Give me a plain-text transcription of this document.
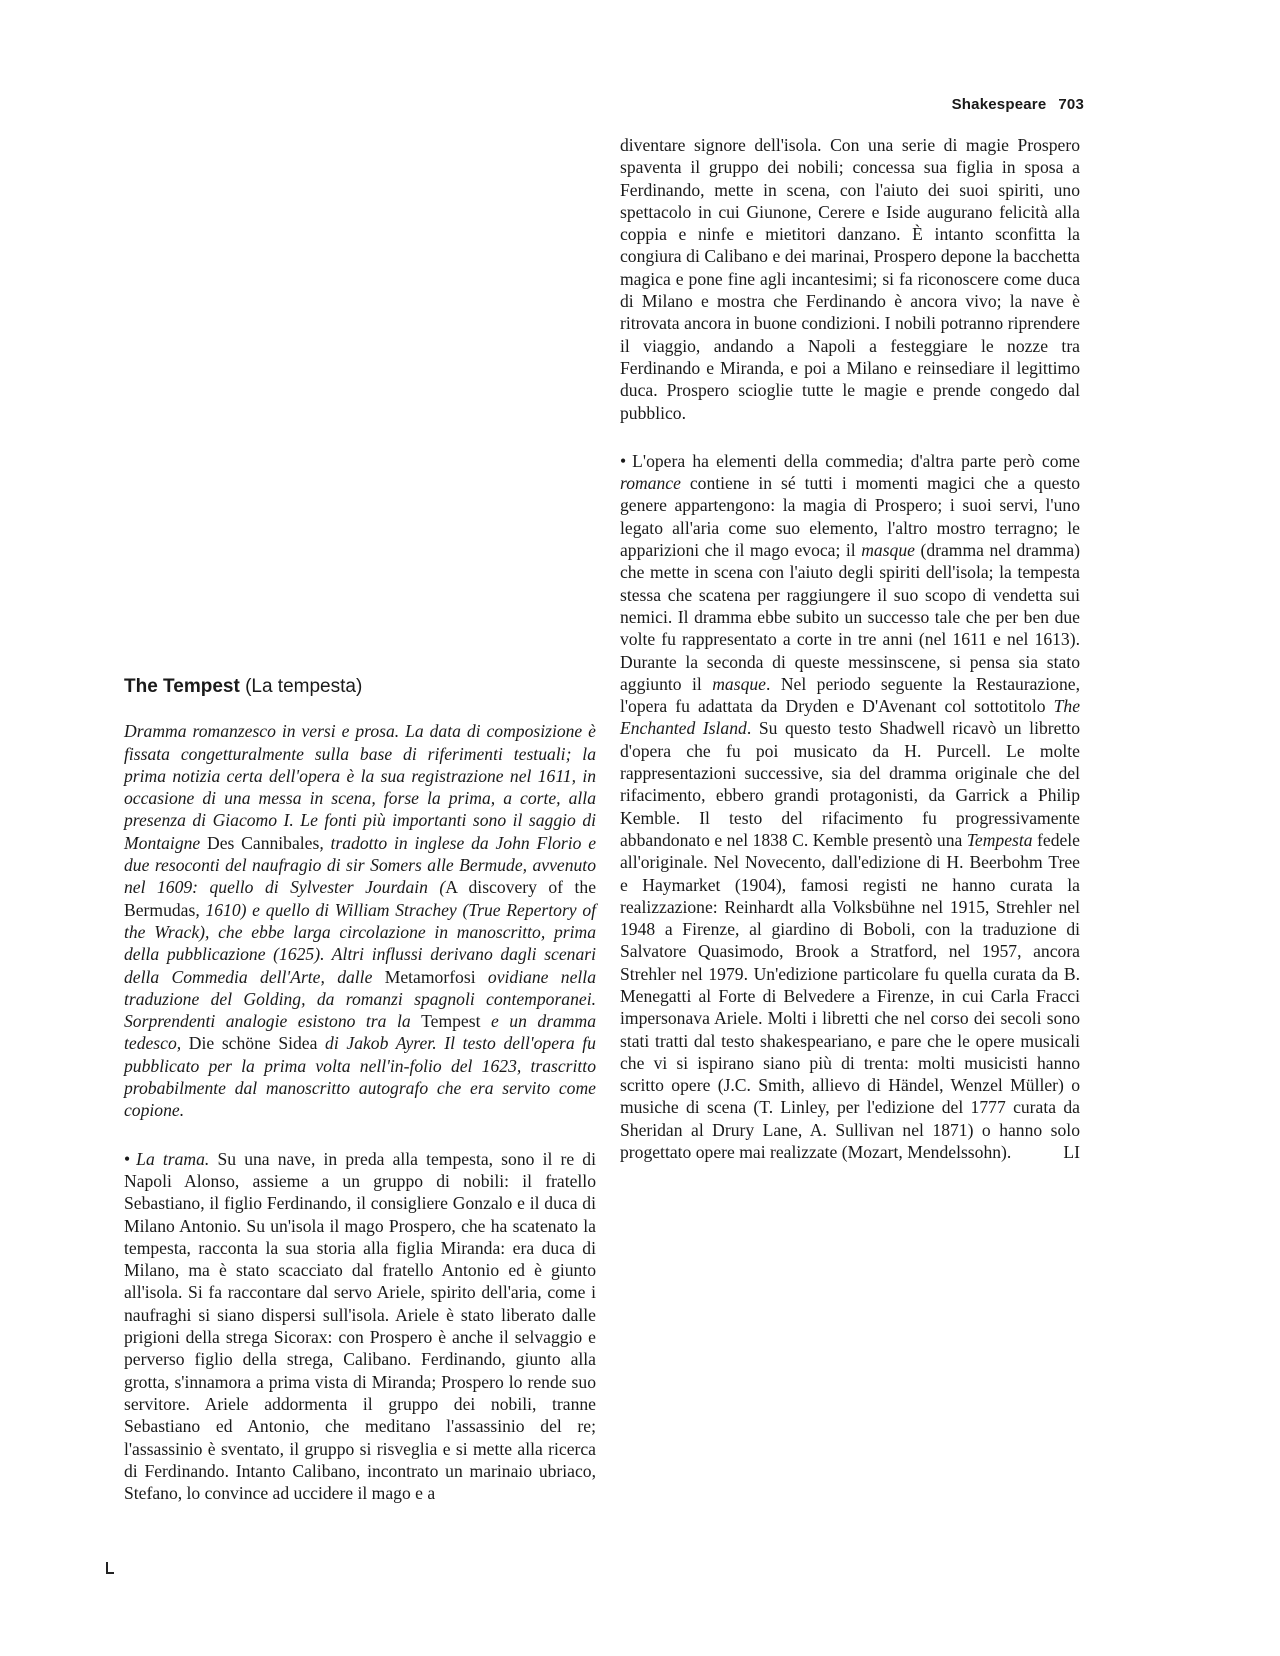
Shakespeare 703

diventare signore dell'isola. Con una serie di magie Prospero spaventa il gruppo dei nobili; concessa sua figlia in sposa a Ferdinando, mette in scena, con l'aiuto dei suoi spiriti, uno spettacolo in cui Giunone, Cerere e Iside augurano felicità alla coppia e ninfe e mietitori danzano. È intanto sconfitta la congiura di Calibano e dei marinai, Prospero depone la bacchetta magica e pone fine agli incantesimi; si fa riconoscere come duca di Milano e mostra che Ferdinando è ancora vivo; la nave è ritrovata ancora in buone condizioni. I nobili potranno riprendere il viaggio, andando a Napoli a festeggiare le nozze tra Ferdinando e Miranda, e poi a Milano e reinsediare il legittimo duca. Prospero scioglie tutte le magie e prende congedo dal pubblico.

• L'opera ha elementi della commedia; d'altra parte però come romance contiene in sé tutti i momenti magici che a questo genere appartengono: la magia di Prospero; i suoi servi, l'uno legato all'aria come suo elemento, l'altro mostro terragno; le apparizioni che il mago evoca; il masque (dramma nel dramma) che mette in scena con l'aiuto degli spiriti dell'isola; la tempesta stessa che scatena per raggiungere il suo scopo di vendetta sui nemici. Il dramma ebbe subito un successo tale che per ben due volte fu rappresentato a corte in tre anni (nel 1611 e nel 1613). Durante la seconda di queste messinscene, si pensa sia stato aggiunto il masque. Nel periodo seguente la Restaurazione, l'opera fu adattata da Dryden e D'Avenant col sottotitolo The Enchanted Island. Su questo testo Shadwell ricavò un libretto d'opera che fu poi musicato da H. Purcell. Le molte rappresentazioni successive, sia del dramma originale che del rifacimento, ebbero grandi protagonisti, da Garrick a Philip Kemble. Il testo del rifacimento fu progressivamente abbandonato e nel 1838 C. Kemble presentò una Tempesta fedele all'originale. Nel Novecento, dall'edizione di H. Beerbohm Tree e Haymarket (1904), famosi registi ne hanno curata la realizzazione: Reinhardt alla Volksbühne nel 1915, Strehler nel 1948 a Firenze, al giardino di Boboli, con la traduzione di Salvatore Quasimodo, Brook a Stratford, nel 1957, ancora Strehler nel 1979. Un'edizione particolare fu quella curata da B. Menegatti al Forte di Belvedere a Firenze, in cui Carla Fracci impersonava Ariele. Molti i libretti che nel corso dei secoli sono stati tratti dal testo shakespeariano, e pare che le opere musicali che vi si ispirano siano più di trenta: molti musicisti hanno scritto opere (J.C. Smith, allievo di Händel, Wenzel Müller) o musiche di scena (T. Linley, per l'edizione del 1777 curata da Sheridan al Drury Lane, A. Sullivan nel 1871) o hanno solo progettato opere mai realizzate (Mozart, Mendelssohn).	LI

The Tempest (La tempesta)

Dramma romanzesco in versi e prosa. La data di composizione è fissata congetturalmente sulla base di riferimenti testuali; la prima notizia certa dell'opera è la sua registrazione nel 1611, in occasione di una messa in scena, forse la prima, a corte, alla presenza di Giacomo I. Le fonti più importanti sono il saggio di Montaigne Des Cannibales, tradotto in inglese da John Florio e due resoconti del naufragio di sir Somers alle Bermude, avvenuto nel 1609: quello di Sylvester Jourdain (A discovery of the Bermudas, 1610) e quello di William Strachey (True Repertory of the Wrack), che ebbe larga circolazione in manoscritto, prima della pubblicazione (1625). Altri influssi derivano dagli scenari della Commedia dell'Arte, dalle Metamorfosi ovidiane nella traduzione del Golding, da romanzi spagnoli contemporanei. Sorprendenti analogie esistono tra la Tempest e un dramma tedesco, Die schöne Sidea di Jakob Ayrer. Il testo dell'opera fu pubblicato per la prima volta nell'in-folio del 1623, trascritto probabilmente dal manoscritto autografo che era servito come copione.

• La trama. Su una nave, in preda alla tempesta, sono il re di Napoli Alonso, assieme a un gruppo di nobili: il fratello Sebastiano, il figlio Ferdinando, il consigliere Gonzalo e il duca di Milano Antonio. Su un'isola il mago Prospero, che ha scatenato la tempesta, racconta la sua storia alla figlia Miranda: era duca di Milano, ma è stato scacciato dal fratello Antonio ed è giunto all'isola. Si fa raccontare dal servo Ariele, spirito dell'aria, come i naufraghi si siano dispersi sull'isola. Ariele è stato liberato dalle prigioni della strega Sicorax: con Prospero è anche il selvaggio e perverso figlio della strega, Calibano. Ferdinando, giunto alla grotta, s'innamora a prima vista di Miranda; Prospero lo rende suo servitore. Ariele addormenta il gruppo dei nobili, tranne Sebastiano ed Antonio, che meditano l'assassinio del re; l'assassinio è sventato, il gruppo si risveglia e si mette alla ricerca di Ferdinando. Intanto Calibano, incontrato un marinaio ubriaco, Stefano, lo convince ad uccidere il mago e a
